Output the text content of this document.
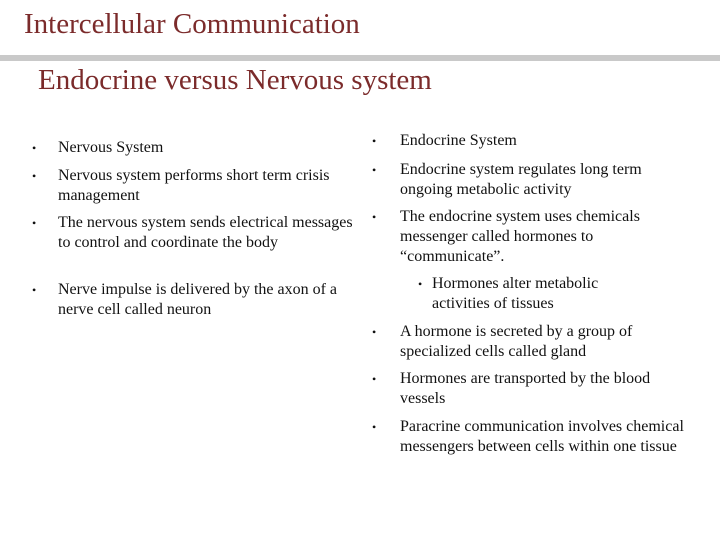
Intercellular Communication
Endocrine versus Nervous system
• Nervous System
• Nervous system performs short term crisis management
• The nervous system sends electrical messages to control and coordinate the body
• Nerve impulse is delivered by the axon of a nerve cell called neuron
• Endocrine System
• Endocrine system regulates long term ongoing metabolic activity
• The endocrine system uses chemicals messenger called hormones to “communicate”.
• Hormones alter metabolic activities of tissues
• A hormone is secreted by a group of specialized cells called gland
• Hormones are transported by the blood vessels
• Paracrine communication involves chemical messengers between cells within one tissue
